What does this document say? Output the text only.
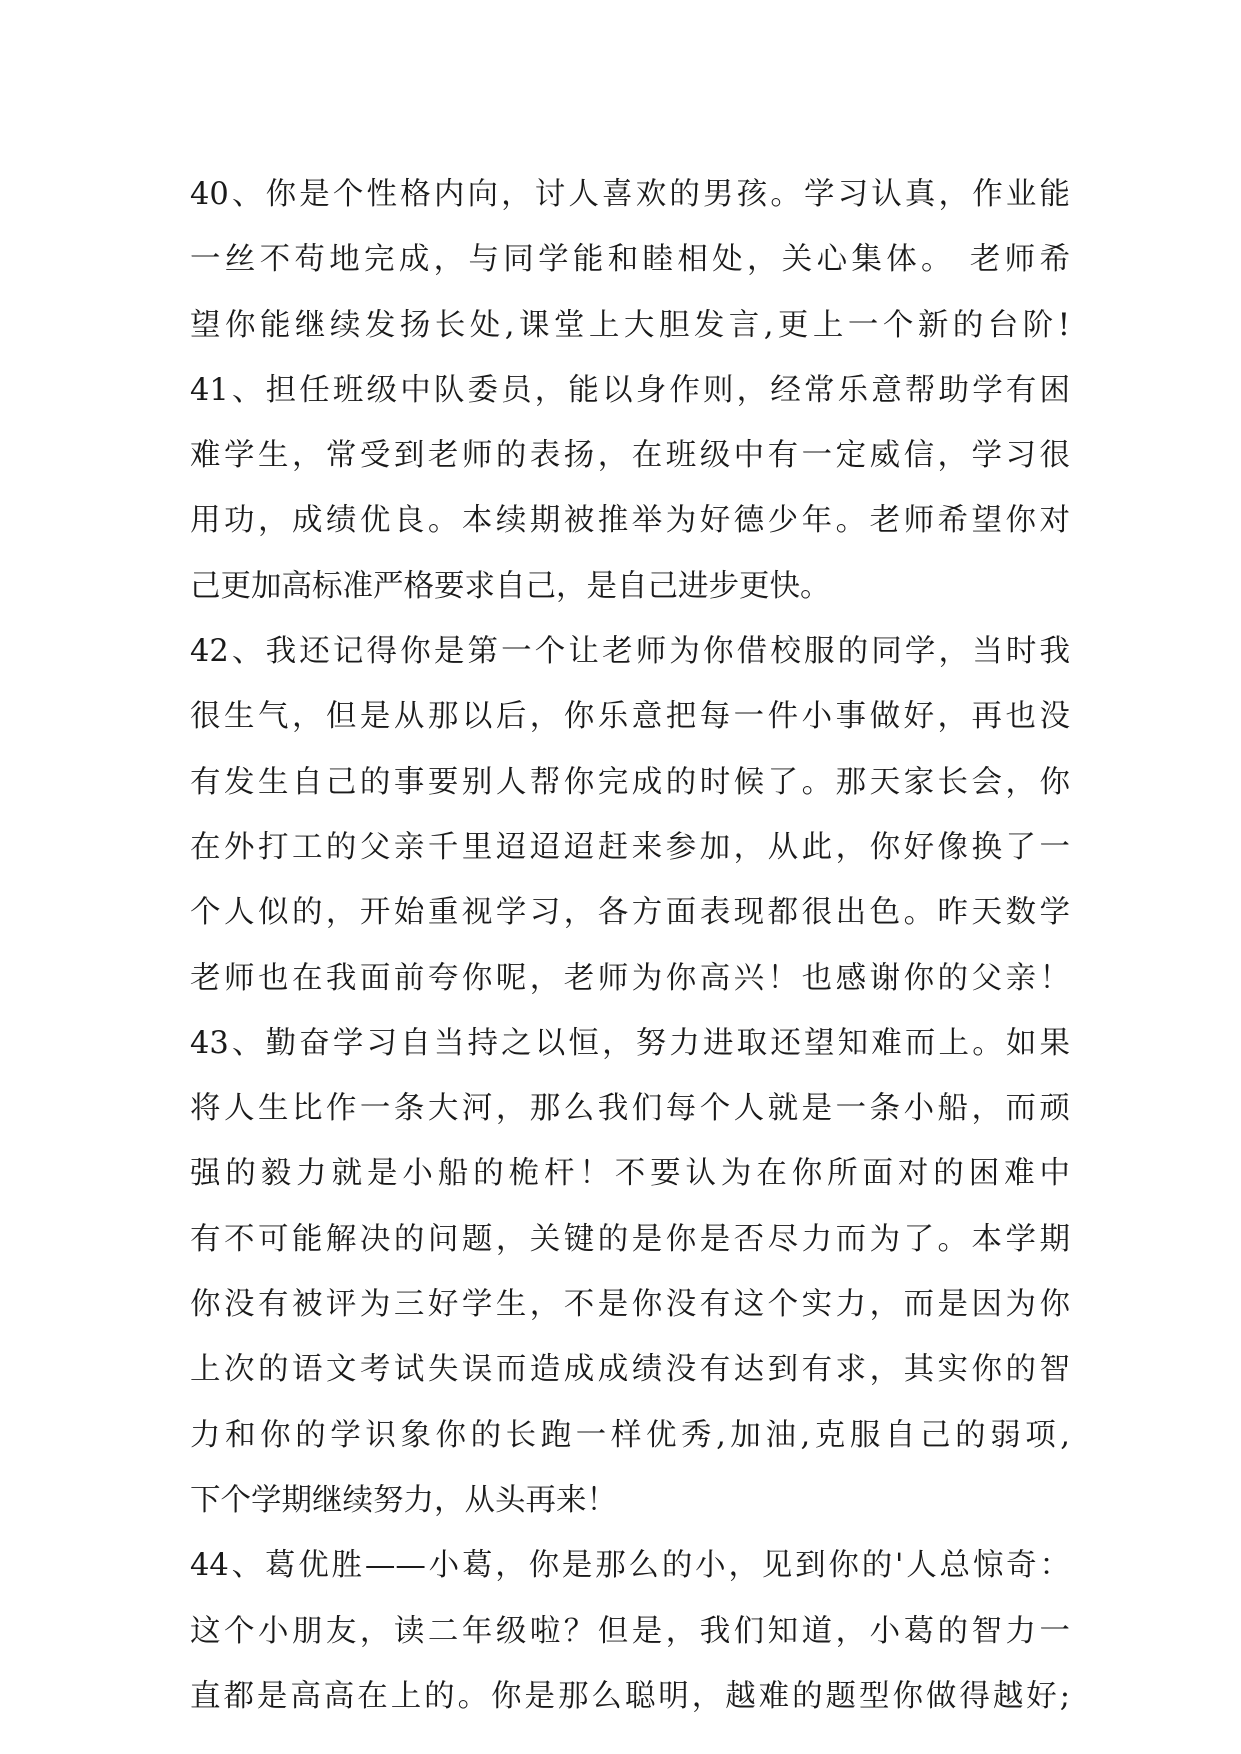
40、你是个性格内向，讨人喜欢的男孩。学习认真，作业能
一丝不苟地完成，与同学能和睦相处，关心集体。 老师希
望你能继续发扬长处,课堂上大胆发言,更上一个新的台阶!
41、担任班级中队委员，能以身作则，经常乐意帮助学有困
难学生，常受到老师的表扬，在班级中有一定威信，学习很
用功，成绩优良。本续期被推举为好德少年。老师希望你对
己更加高标准严格要求自己，是自己进步更快。
42、我还记得你是第一个让老师为你借校服的同学，当时我
很生气，但是从那以后，你乐意把每一件小事做好，再也没
有发生自己的事要别人帮你完成的时候了。那天家长会，你
在外打工的父亲千里迢迢迢赶来参加，从此，你好像换了一
个人似的，开始重视学习，各方面表现都很出色。昨天数学
老师也在我面前夸你呢，老师为你高兴！也感谢你的父亲！
43、勤奋学习自当持之以恒，努力进取还望知难而上。如果
将人生比作一条大河，那么我们每个人就是一条小船，而顽
强的毅力就是小船的桅杆！不要认为在你所面对的困难中
有不可能解决的问题，关键的是你是否尽力而为了。本学期
你没有被评为三好学生，不是你没有这个实力，而是因为你
上次的语文考试失误而造成成绩没有达到有求，其实你的智
力和你的学识象你的长跑一样优秀,加油,克服自己的弱项,
下个学期继续努力，从头再来！
44、葛优胜——小葛，你是那么的小，见到你的'人总惊奇：
这个小朋友，读二年级啦？但是，我们知道，小葛的智力一
直都是高高在上的。你是那么聪明，越难的题型你做得越好;
